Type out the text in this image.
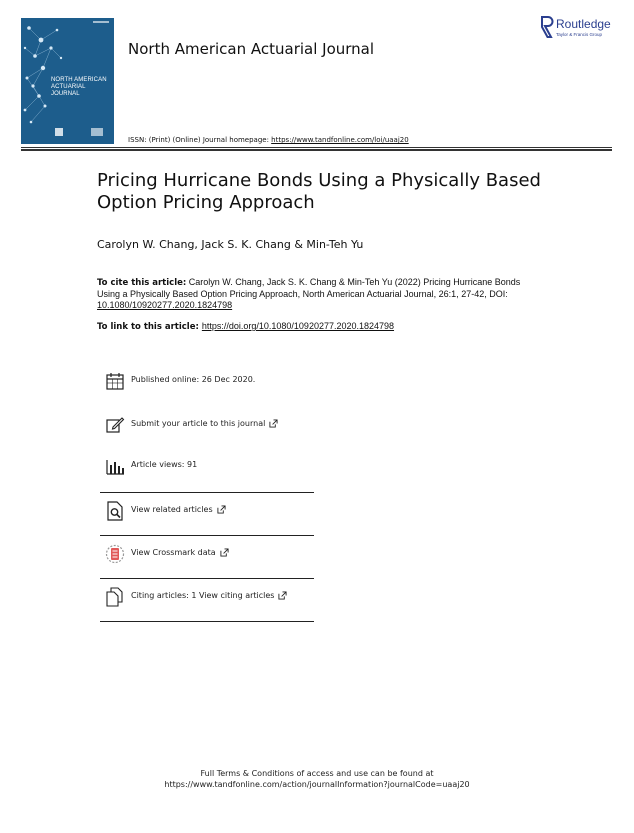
NORTH AMERICAN ACTUARIAL JOURNAL
North American Actuarial Journal
Routledge
Taylor & Francis Group
ISSN: (Print) (Online) Journal homepage: https://www.tandfonline.com/loi/uaaj20
Pricing Hurricane Bonds Using a Physically Based Option Pricing Approach
Carolyn W. Chang, Jack S. K. Chang & Min-Teh Yu
To cite this article: Carolyn W. Chang, Jack S. K. Chang & Min-Teh Yu (2022) Pricing Hurricane Bonds Using a Physically Based Option Pricing Approach, North American Actuarial Journal, 26:1, 27-42, DOI: 10.1080/10920277.2020.1824798
To link to this article: https://doi.org/10.1080/10920277.2020.1824798
Published online: 26 Dec 2020.
Submit your article to this journal
Article views: 91
View related articles
View Crossmark data
Citing articles: 1 View citing articles
Full Terms & Conditions of access and use can be found at
https://www.tandfonline.com/action/journalInformation?journalCode=uaaj20
